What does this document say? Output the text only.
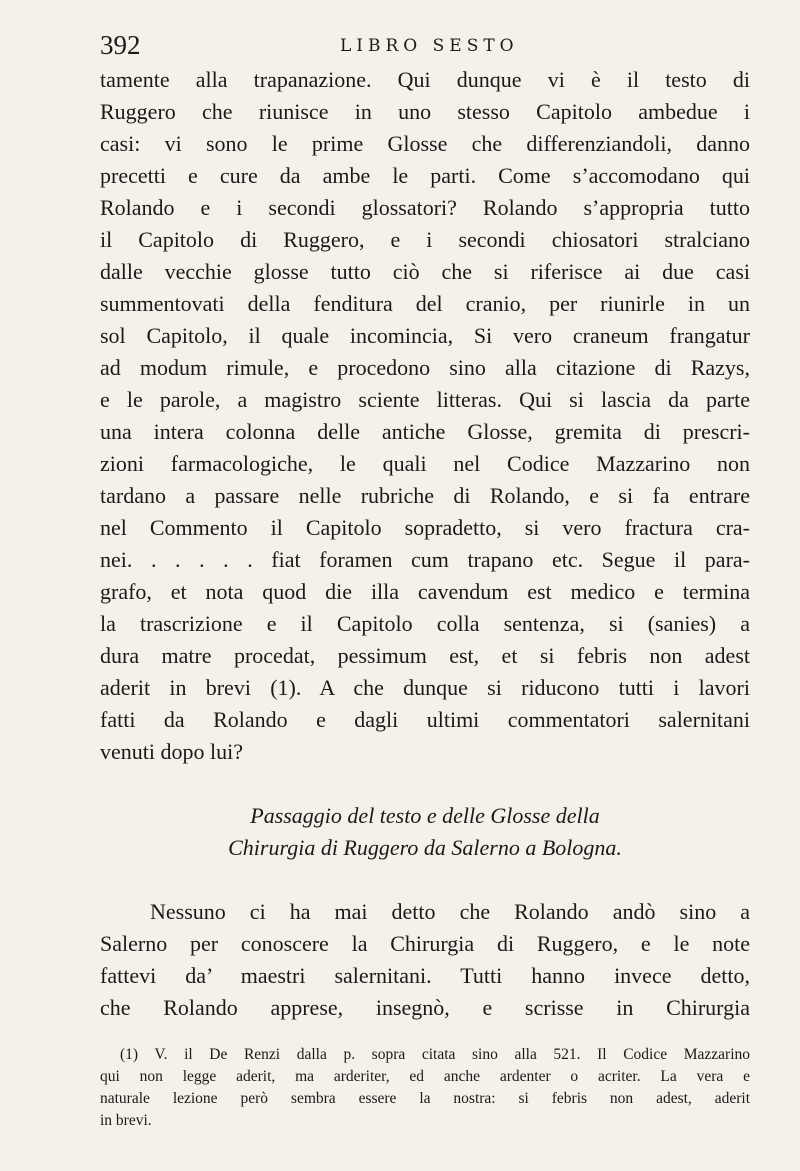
392	LIBRO SESTO
tamente alla trapanazione. Qui dunque vi è il testo di
Ruggero che riunisce in uno stesso Capitolo ambedue i
casi: vi sono le prime Glosse che differenziandoli, danno
precetti e cure da ambe le parti. Come s’accomodano qui
Rolando e i secondi glossatori? Rolando s’appropria tutto
il Capitolo di Ruggero, e i secondi chiosatori stralciano
dalle vecchie glosse tutto ciò che si riferisce ai due casi
summentovati della fenditura del cranio, per riunirle in un
sol Capitolo, il quale incomincia, Si vero craneum frangatur
ad modum rimule, e procedono sino alla citazione di Razys,
e le parole, a magistro sciente litteras. Qui si lascia da parte
una intera colonna delle antiche Glosse, gremita di prescri-
zioni farmacologiche, le quali nel Codice Mazzarino non
tardano a passare nelle rubriche di Rolando, e si fa entrare
nel Commento il Capitolo sopradetto, si vero fractura cra-
nei. . . . . . fiat foramen cum trapano etc. Segue il para-
grafo, et nota quod die illa cavendum est medico e termina
la trascrizione e il Capitolo colla sentenza, si (sanies) a
dura matre procedat, pessimum est, et si febris non adest
aderit in brevi (1). A che dunque si riducono tutti i lavori
fatti da Rolando e dagli ultimi commentatori salernitani
venuti dopo lui?
Passaggio del testo e delle Glosse della
Chirurgia di Ruggero da Salerno a Bologna.
Nessuno ci ha mai detto che Rolando andò sino a
Salerno per conoscere la Chirurgia di Ruggero, e le note
fattevi da’ maestri salernitani. Tutti hanno invece detto,
che Rolando apprese, insegnò, e scrisse in Chirurgia
(1) V. il De Renzi dalla p. sopra citata sino alla 521. Il Codice Mazzarino
qui non legge aderit, ma arderiter, ed anche ardenter o acriter. La vera e
naturale lezione però sembra essere la nostra: si febris non adest, aderit
in brevi.
